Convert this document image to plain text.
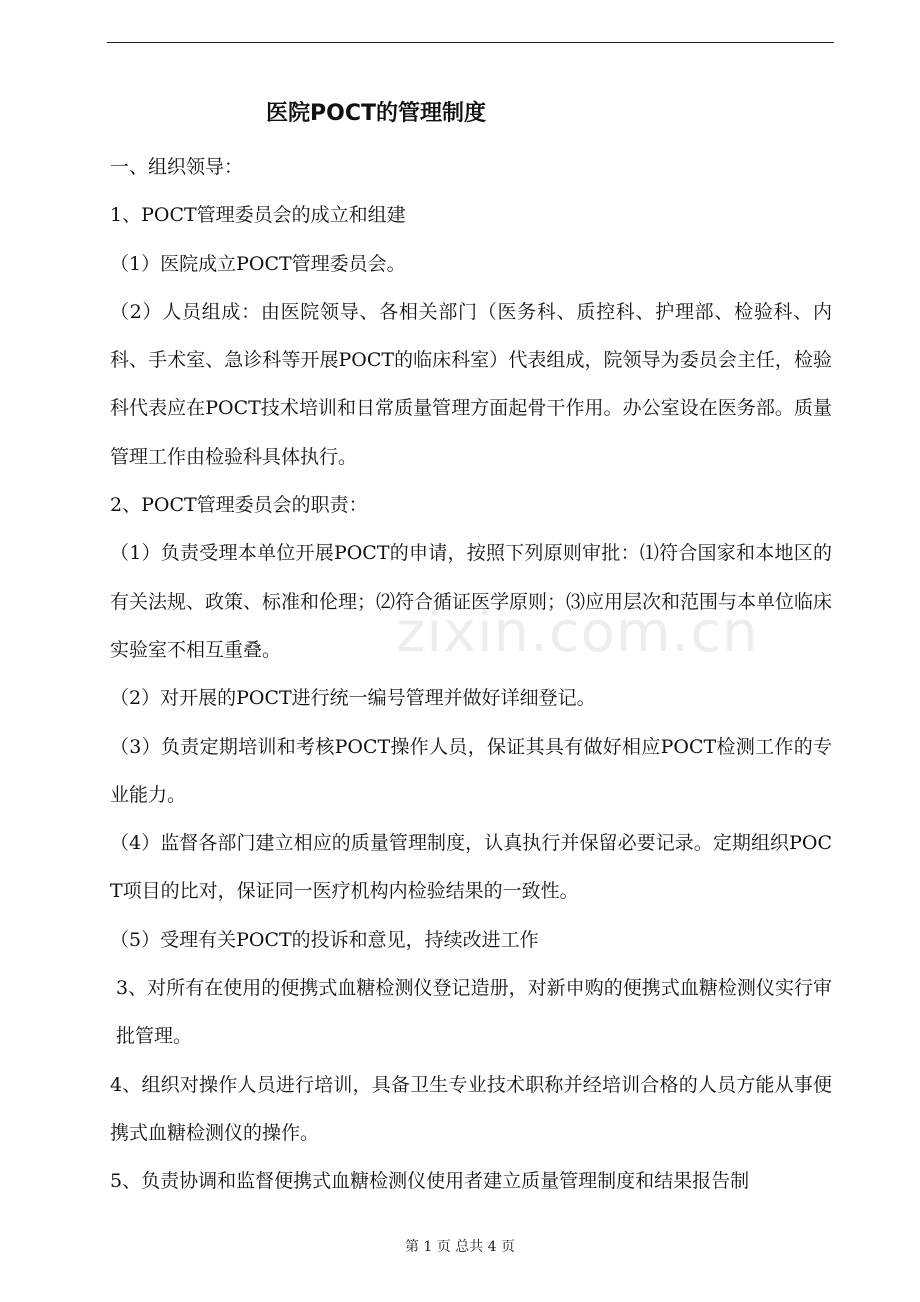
医院POCT的管理制度

一、组织领导：

1、POCT管理委员会的成立和组建

（1）医院成立POCT管理委员会。

（2）人员组成：由医院领导、各相关部门（医务科、质控科、护理部、检验科、内科、手术室、急诊科等开展POCT的临床科室）代表组成，院领导为委员会主任，检验科代表应在POCT技术培训和日常质量管理方面起骨干作用。办公室设在医务部。质量管理工作由检验科具体执行。

2、POCT管理委员会的职责：

（1）负责受理本单位开展POCT的申请，按照下列原则审批：⑴符合国家和本地区的有关法规、政策、标准和伦理；⑵符合循证医学原则；⑶应用层次和范围与本单位临床实验室不相互重叠。

（2）对开展的POCT进行统一编号管理并做好详细登记。

（3）负责定期培训和考核POCT操作人员，保证其具有做好相应POCT检测工作的专业能力。

（4）监督各部门建立相应的质量管理制度，认真执行并保留必要记录。定期组织POCT项目的比对，保证同一医疗机构内检验结果的一致性。

（5）受理有关POCT的投诉和意见，持续改进工作

3、对所有在使用的便携式血糖检测仪登记造册，对新申购的便携式血糖检测仪实行审批管理。

4、组织对操作人员进行培训，具备卫生专业技术职称并经培训合格的人员方能从事便携式血糖检测仪的操作。

5、负责协调和监督便携式血糖检测仪使用者建立质量管理制度和结果报告制

zixin.com.cn
第 1 页 总共 4 页
